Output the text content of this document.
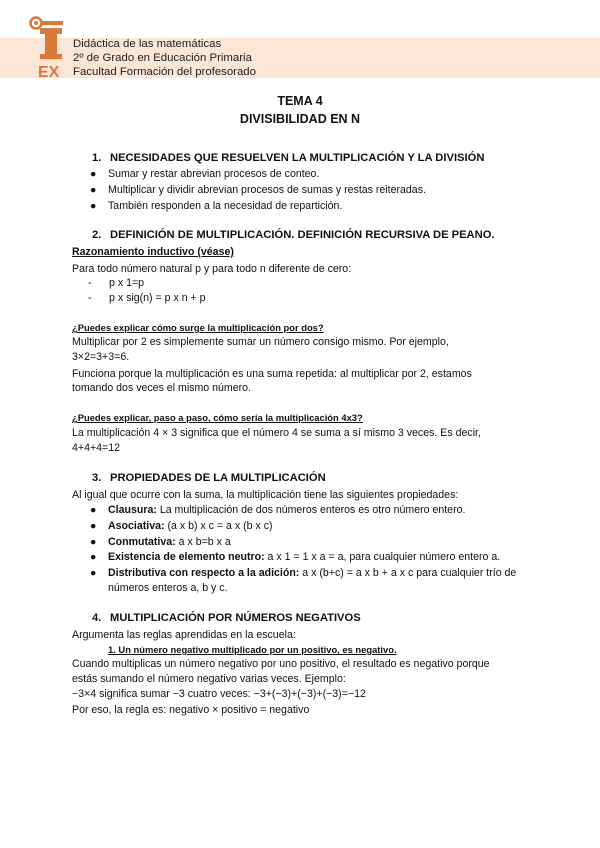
EX
Didáctica de las matemáticas
2º de Grado en Educación Primaria
Facultad Formación del profesorado
TEMA 4
DIVISIBILIDAD EN N
1. NECESIDADES QUE RESUELVEN LA MULTIPLICACIÓN Y LA DIVISIÓN
● Sumar y restar abrevian procesos de conteo.
● Multiplicar y dividir abrevian procesos de sumas y restas reiteradas.
● También responden a la necesidad de repartición.
2. DEFINICIÓN DE MULTIPLICACIÓN. DEFINICIÓN RECURSIVA DE PEANO.
Razonamiento inductivo (véase)
Para todo número natural p y para todo n diferente de cero:
- p x 1=p
- p x sig(n) = p x n + p
¿Puedes explicar cómo surge la multiplicación por dos?
Multiplicar por 2 es simplemente sumar un número consigo mismo. Por ejemplo,
3×2=3+3=6.
Funciona porque la multiplicación es una suma repetida: al multiplicar por 2, estamos
tomando dos veces el mismo número.
¿Puedes explicar, paso a paso, cómo sería la multiplicación 4x3?
La multiplicación 4 × 3 significa que el número 4 se suma a sí mismo 3 veces. Es decir,
4+4+4=12
3. PROPIEDADES DE LA MULTIPLICACIÓN
Al igual que ocurre con la suma, la multiplicación tiene las siguientes propiedades:
● Clausura: La multiplicación de dos números enteros es otro número entero.
● Asociativa: (a x b) x c = a x (b x c)
● Conmutativa: a x b=b x a
● Existencia de elemento neutro: a x 1 = 1 x a = a, para cualquier número entero a.
● Distributiva con respecto a la adición: a x (b+c) = a x b + a x c para cualquier trío de
números enteros a, b y c.
4. MULTIPLICACIÓN POR NÚMEROS NEGATIVOS
Argumenta las reglas aprendidas en la escuela:
1. Un número negativo multiplicado por un positivo, es negativo.
Cuando multiplicas un número negativo por uno positivo, el resultado es negativo porque
estás sumando el número negativo varias veces. Ejemplo:
−3×4 significa sumar −3 cuatro veces: −3+(−3)+(−3)+(−3)=−12
Por eso, la regla es: negativo × positivo = negativo
